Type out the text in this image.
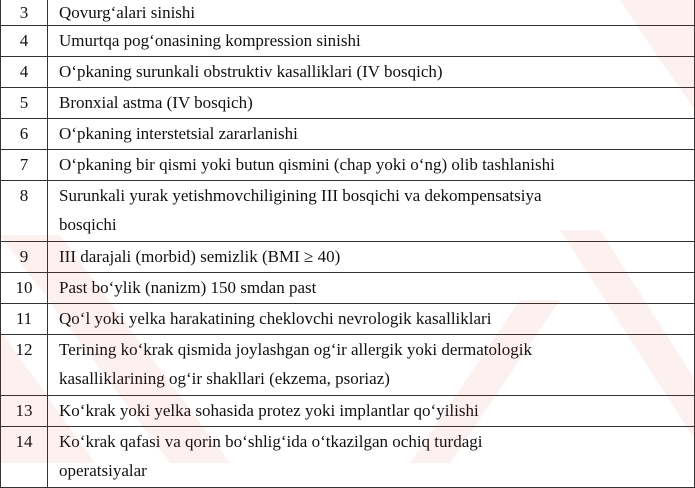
3	Qovurg‘alari sinishi
4	Umurtqa pog‘onasining kompression sinishi
4	O‘pkaning surunkali obstruktiv kasalliklari (IV bosqich)
5	Bronxial astma (IV bosqich)
6	O‘pkaning interstetsial zararlanishi
7	O‘pkaning bir qismi yoki butun qismini (chap yoki o‘ng) olib tashlanishi
8	Surunkali yurak yetishmovchiligining III bosqichi va dekompensatsiya
bosqichi

9	III darajali (morbid) semizlik (BMI ≥ 40)
10	Past bo‘ylik (nanizm) 150 smdan past
11	Qo‘l yoki yelka harakatining cheklovchi nevrologik kasalliklari
12	Terining ko‘krak qismida joylashgan og‘ir allergik yoki dermatologik
kasalliklarining og‘ir shakllari (ekzema, psoriaz)

13	Ko‘krak yoki yelka sohasida protez yoki implantlar qo‘yilishi
14	Ko‘krak qafasi va qorin bo‘shlig‘ida o‘tkazilgan ochiq turdagi
operatsiyalar
